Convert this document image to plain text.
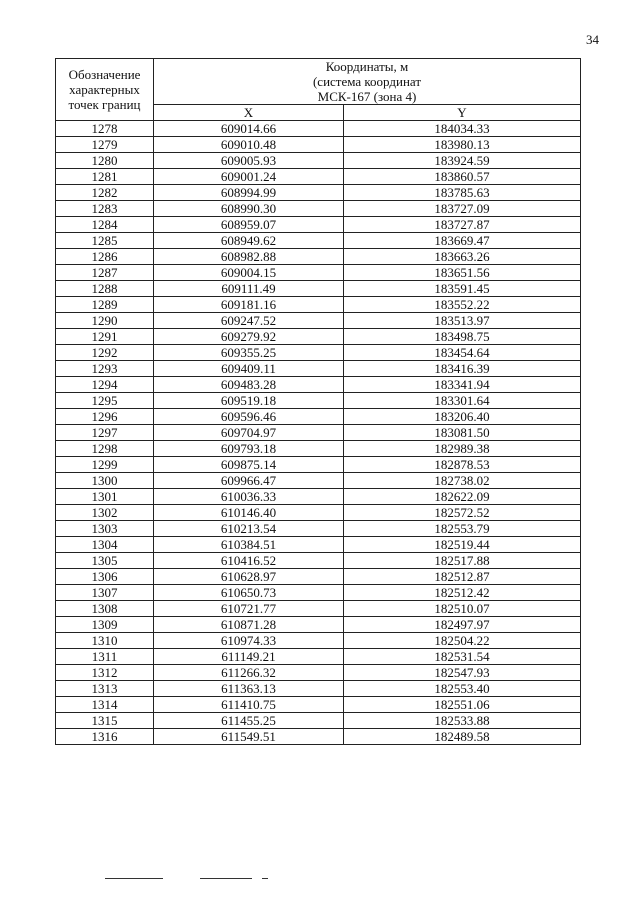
34
Обозначение
характерных
точек границ	Координаты, м
(система координат
МСК-167 (зона 4)	

	X	Y
1278	609014.66	184034.33
1279	609010.48	183980.13
1280	609005.93	183924.59
1281	609001.24	183860.57
1282	608994.99	183785.63
1283	608990.30	183727.09
1284	608959.07	183727.87
1285	608949.62	183669.47
1286	608982.88	183663.26
1287	609004.15	183651.56
1288	609111.49	183591.45
1289	609181.16	183552.22
1290	609247.52	183513.97
1291	609279.92	183498.75
1292	609355.25	183454.64
1293	609409.11	183416.39
1294	609483.28	183341.94
1295	609519.18	183301.64
1296	609596.46	183206.40
1297	609704.97	183081.50
1298	609793.18	182989.38
1299	609875.14	182878.53
1300	609966.47	182738.02
1301	610036.33	182622.09
1302	610146.40	182572.52
1303	610213.54	182553.79
1304	610384.51	182519.44
1305	610416.52	182517.88
1306	610628.97	182512.87
1307	610650.73	182512.42
1308	610721.77	182510.07
1309	610871.28	182497.97
1310	610974.33	182504.22
1311	611149.21	182531.54
1312	611266.32	182547.93
1313	611363.13	182553.40
1314	611410.75	182551.06
1315	611455.25	182533.88
1316	611549.51	182489.58
